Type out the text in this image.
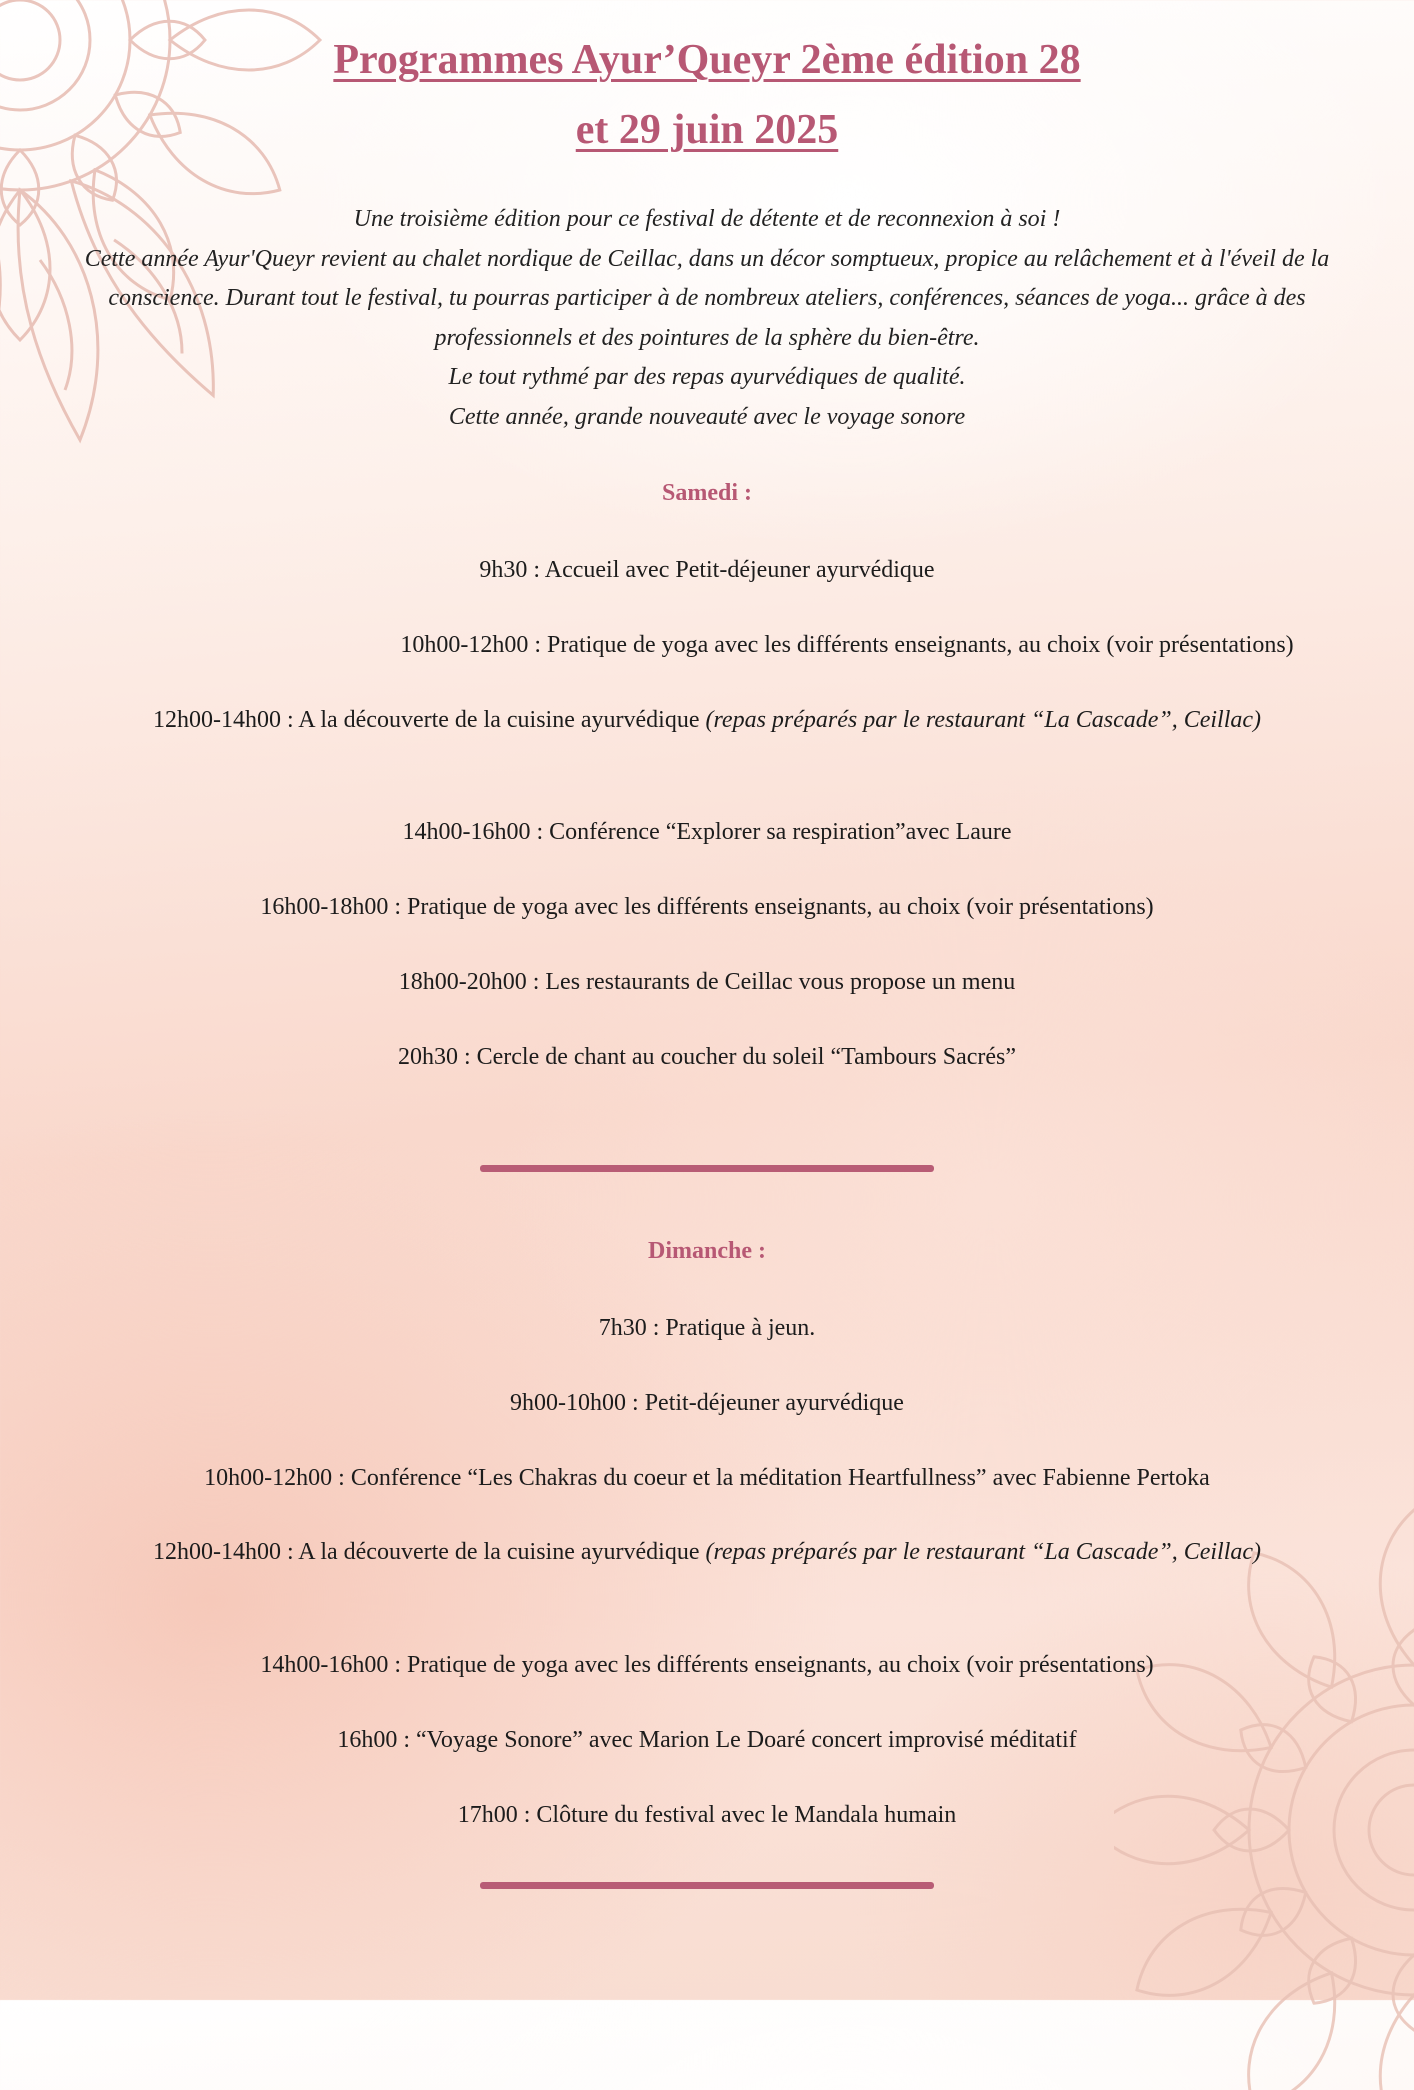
Programmes Ayur’Queyr 2ème édition 28
et 29 juin 2025

Une troisième édition pour ce festival de détente et de reconnexion à soi !

Cette année Ayur'Queyr revient au chalet nordique de Ceillac, dans un décor somptueux, propice au relâchement et à l'éveil de la conscience. Durant tout le festival, tu pourras participer à de nombreux ateliers, conférences, séances de yoga... grâce à des professionnels et des pointures de la sphère du bien-être.

Le tout rythmé par des repas ayurvédiques de qualité.

Cette année, grande nouveauté avec le voyage sonore

Samedi :
9h30 : Accueil avec Petit-déjeuner ayurvédique
10h00-12h00 : Pratique de yoga avec les différents enseignants, au choix (voir présentations)
12h00-14h00 : A la découverte de la cuisine ayurvédique (repas préparés par le restaurant “La Cascade”, Ceillac)
14h00-16h00 : Conférence “Explorer sa respiration”avec Laure
16h00-18h00 : Pratique de yoga avec les différents enseignants, au choix (voir présentations)
18h00-20h00 : Les restaurants de Ceillac vous propose un menu
20h30 : Cercle de chant au coucher du soleil “Tambours Sacrés”
Dimanche :
7h30 : Pratique à jeun.
9h00-10h00 : Petit-déjeuner ayurvédique
10h00-12h00 : Conférence “Les Chakras du coeur et la méditation Heartfullness” avec Fabienne Pertoka
12h00-14h00 : A la découverte de la cuisine ayurvédique (repas préparés par le restaurant “La Cascade”, Ceillac)
14h00-16h00 : Pratique de yoga avec les différents enseignants, au choix (voir présentations)
16h00 : “Voyage Sonore” avec Marion Le Doaré concert improvisé méditatif
17h00 : Clôture du festival avec le Mandala humain
